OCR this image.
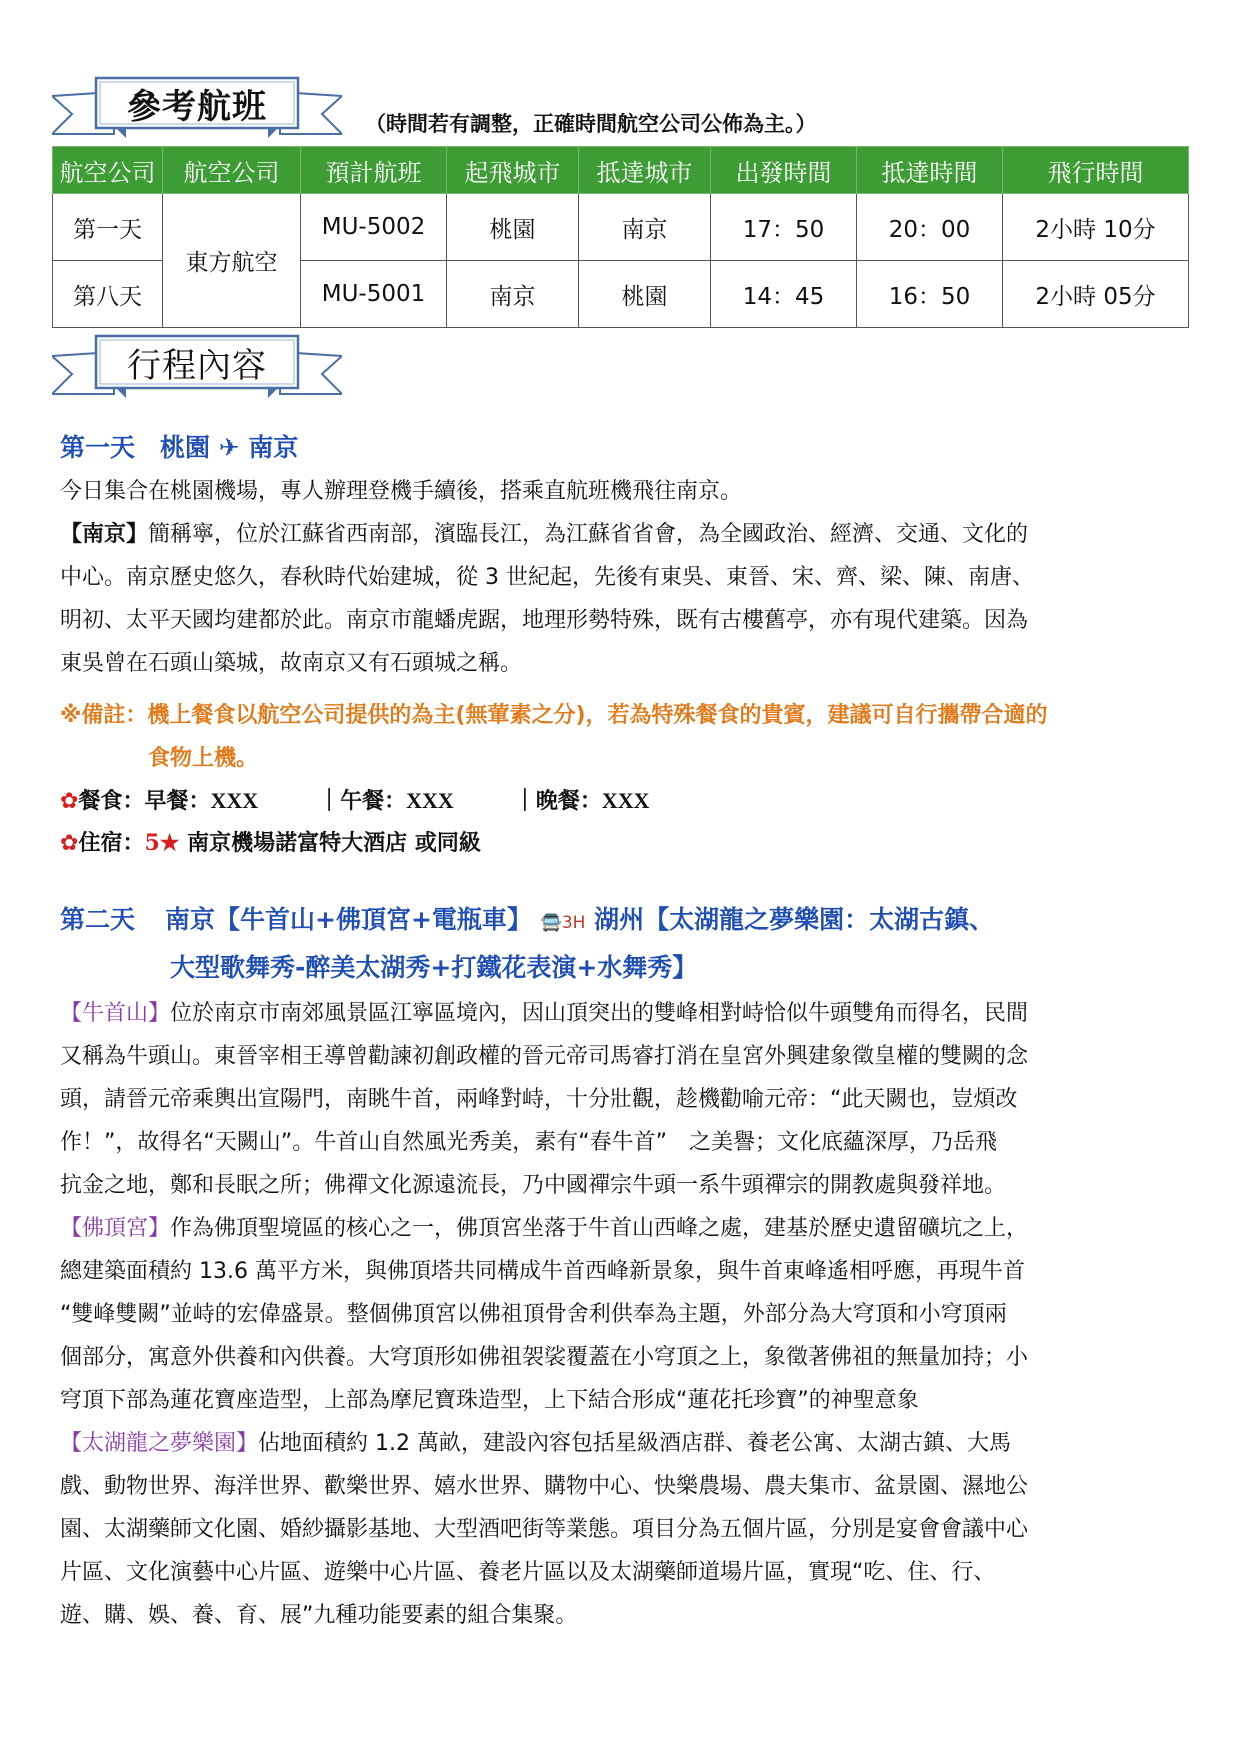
參考航班	（時間若有調整，正確時間航空公司公佈為主。）
航空公司	航空公司	預計航班	起飛城市	抵達城市	出發時間	抵達時間	飛行時間
第一天	東方航空	MU-5002	桃園	南京	17：50	20：00	2小時 10分
第八天		MU-5001	南京	桃園	14：45	16：50	2小時 05分
行程內容
第一天　桃園 ✈ 南京
今日集合在桃園機場，專人辦理登機手續後，搭乘直航班機飛往南京。
【南京】簡稱寧，位於江蘇省西南部，濱臨長江，為江蘇省省會，為全國政治、經濟、交通、文化的
中心。南京歷史悠久，春秋時代始建城，從 3 世紀起，先後有東吳、東晉、宋、齊、梁、陳、南唐、
明初、太平天國均建都於此。南京市龍蟠虎踞，地理形勢特殊，既有古樓舊亭，亦有現代建築。因為
東吳曾在石頭山築城，故南京又有石頭城之稱。
※備註：機上餐食以航空公司提供的為主(無葷素之分)，若為特殊餐食的貴賓，建議可自行攜帶合適的
食物上機。
✿餐食：早餐：XXX	｜午餐：XXX	｜晚餐：XXX
✿住宿：5★ 南京機場諾富特大酒店 或同級
第二天 南京【牛首山+佛頂宮+電瓶車】 🚍3H 湖州【太湖龍之夢樂園：太湖古鎮、
大型歌舞秀-醉美太湖秀+打鐵花表演+水舞秀】
【牛首山】位於南京市南郊風景區江寧區境內，因山頂突出的雙峰相對峙恰似牛頭雙角而得名，民間
又稱為牛頭山。東晉宰相王導曾勸諫初創政權的晉元帝司馬睿打消在皇宮外興建象徵皇權的雙闕的念
頭，請晉元帝乘輿出宣陽門，南眺牛首，兩峰對峙，十分壯觀，趁機勸喻元帝：“此天闕也，豈煩改
作！”，故得名“天闕山”。牛首山自然風光秀美，素有“春牛首”　之美譽；文化底蘊深厚，乃岳飛
抗金之地，鄭和長眠之所；佛禪文化源遠流長，乃中國禪宗牛頭一系牛頭禪宗的開教處與發祥地。
【佛頂宮】作為佛頂聖境區的核心之一，佛頂宮坐落于牛首山西峰之處，建基於歷史遺留礦坑之上，
總建築面積約 13.6 萬平方米，與佛頂塔共同構成牛首西峰新景象，與牛首東峰遙相呼應，再現牛首
“雙峰雙闕”並峙的宏偉盛景。整個佛頂宮以佛祖頂骨舍利供奉為主題，外部分為大穹頂和小穹頂兩
個部分，寓意外供養和內供養。大穹頂形如佛祖袈裟覆蓋在小穹頂之上，象徵著佛祖的無量加持；小
穹頂下部為蓮花寶座造型，上部為摩尼寶珠造型，上下結合形成“蓮花托珍寶”的神聖意象
【太湖龍之夢樂園】佔地面積約 1.2 萬畝，建設內容包括星級酒店群、養老公寓、太湖古鎮、大馬
戲、動物世界、海洋世界、歡樂世界、嬉水世界、購物中心、快樂農場、農夫集市、盆景園、濕地公
園、太湖藥師文化園、婚紗攝影基地、大型酒吧街等業態。項目分為五個片區，分別是宴會會議中心
片區、文化演藝中心片區、遊樂中心片區、養老片區以及太湖藥師道場片區，實現“吃、住、行、
遊、購、娛、養、育、展”九種功能要素的組合集聚。
